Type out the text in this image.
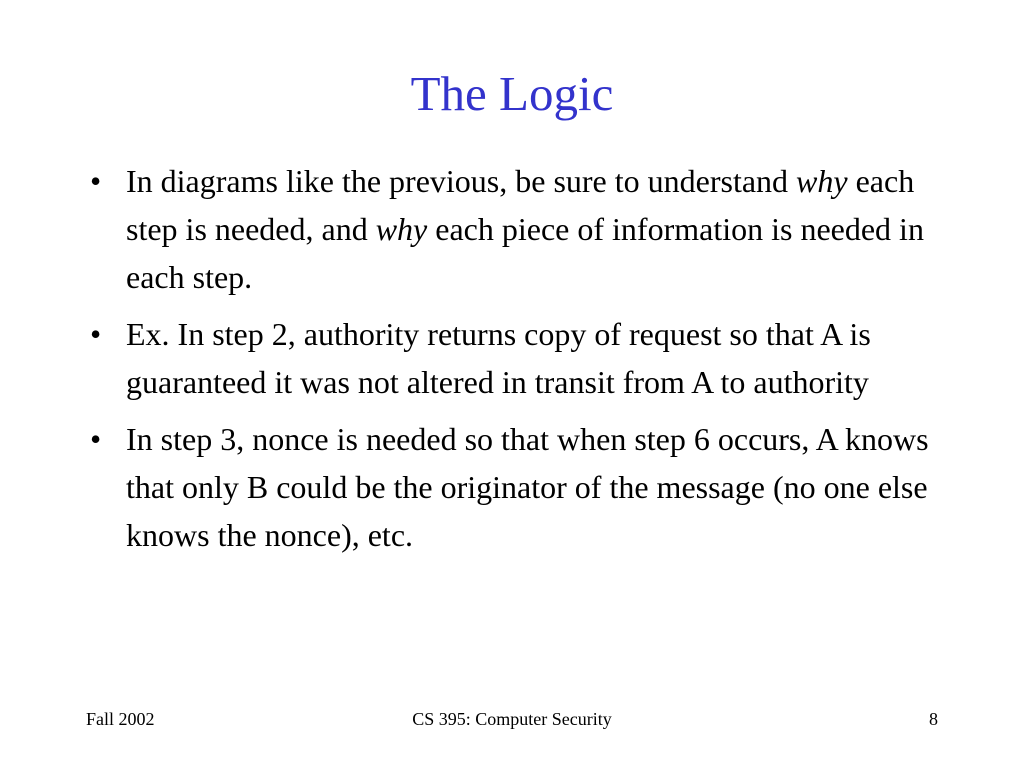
The Logic
• In diagrams like the previous, be sure to understand why each step is needed, and why each piece of information is needed in each step.
• Ex. In step 2, authority returns copy of request so that A is guaranteed it was not altered in transit from A to authority
• In step 3, nonce is needed so that when step 6 occurs, A knows that only B could be the originator of the message (no one else knows the nonce), etc.
Fall 2002	CS 395: Computer Security	8
